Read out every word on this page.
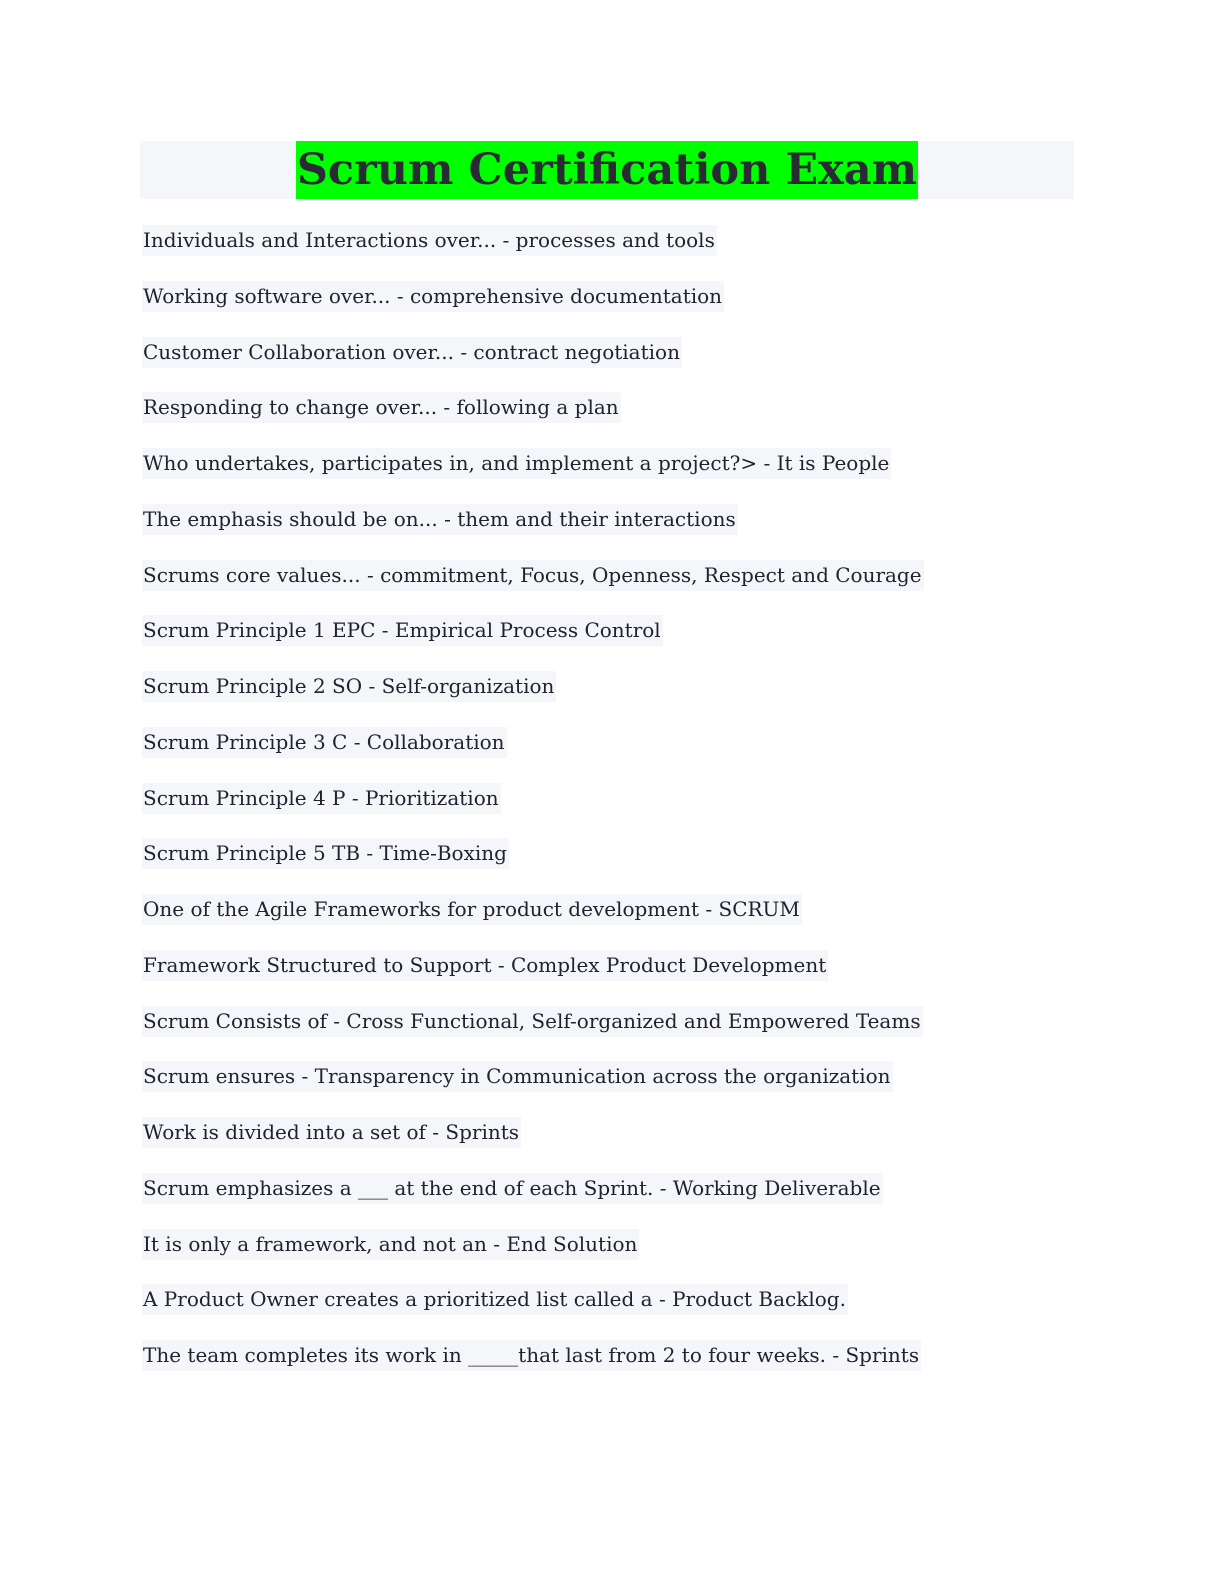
Scrum Certification Exam
Individuals and Interactions over... - processes and tools
Working software over... - comprehensive documentation
Customer Collaboration over... - contract negotiation
Responding to change over... - following a plan
Who undertakes, participates in, and implement a project?> - It is People
The emphasis should be on... - them and their interactions
Scrums core values... - commitment, Focus, Openness, Respect and Courage
Scrum Principle 1 EPC - Empirical Process Control
Scrum Principle 2 SO - Self-organization
Scrum Principle 3 C - Collaboration
Scrum Principle 4 P - Prioritization
Scrum Principle 5 TB - Time-Boxing
One of the Agile Frameworks for product development - SCRUM
Framework Structured to Support - Complex Product Development
Scrum Consists of - Cross Functional, Self-organized and Empowered Teams
Scrum ensures - Transparency in Communication across the organization
Work is divided into a set of - Sprints
Scrum emphasizes a ___ at the end of each Sprint. - Working Deliverable
It is only a framework, and not an - End Solution
A Product Owner creates a prioritized list called a - Product Backlog.
The team completes its work in _____that last from 2 to four weeks. - Sprints
